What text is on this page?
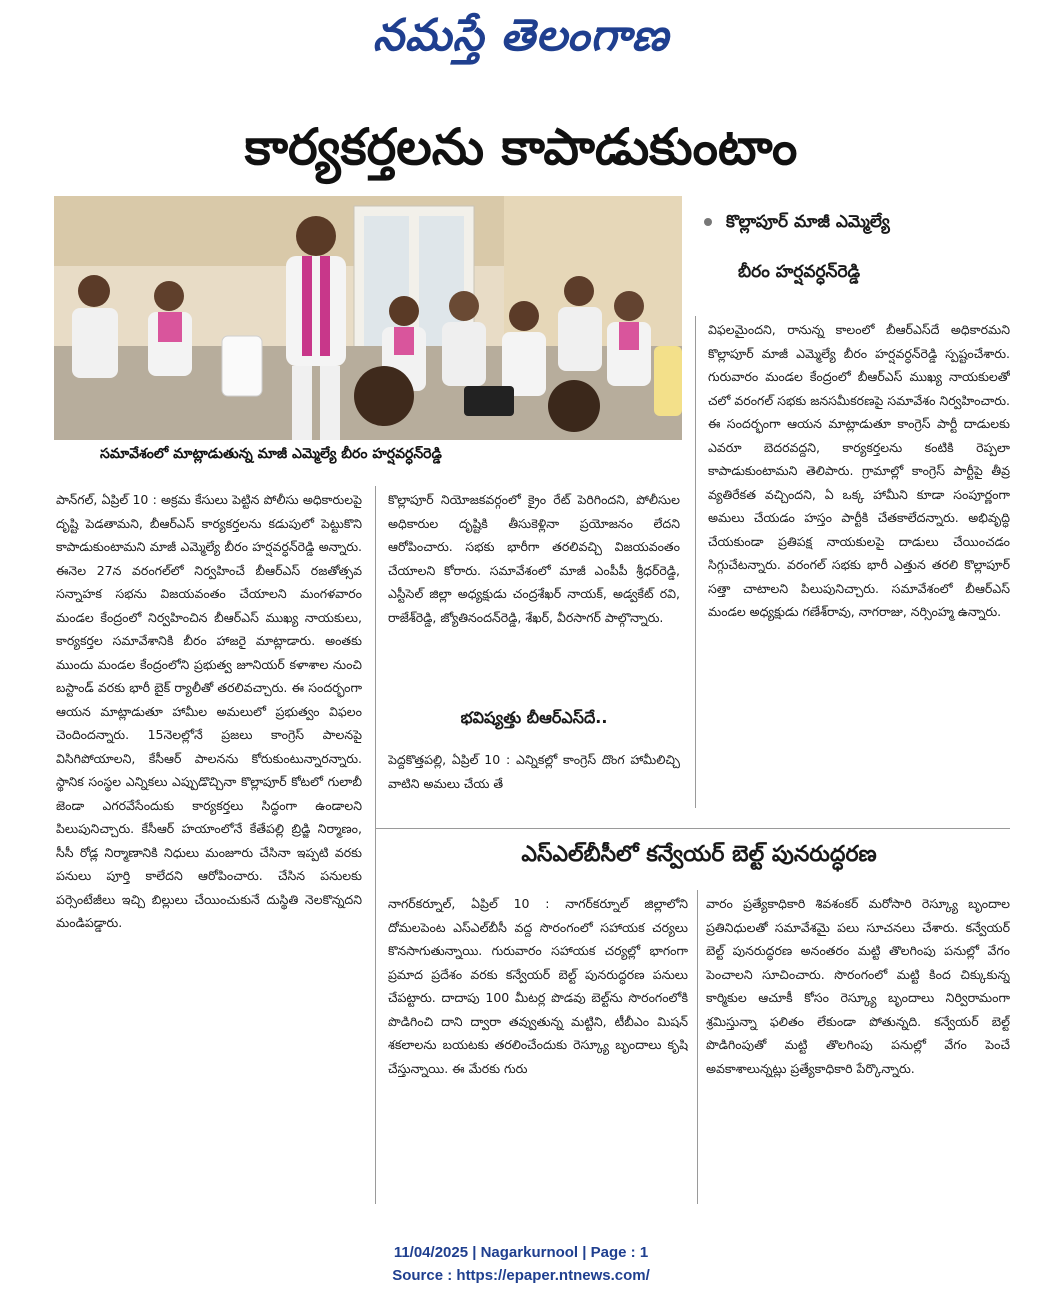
నమస్తే తెలంగాణ
కార్యకర్తలను కాపాడుకుంటాం
సమావేశంలో మాట్లాడుతున్న మాజీ ఎమ్మెల్యే బీరం హర్షవర్ధన్‌రెడ్డి
కొల్లాపూర్ మాజీ ఎమ్మెల్యే
బీరం హర్షవర్ధన్‌రెడ్డి

పాన్‌గల్, ఏప్రిల్ 10 : అక్రమ కేసులు పెట్టిన పోలీసు అధికారులపై దృష్టి పెడతామని, బీఆర్‌ఎస్ కార్యకర్తలను కడుపులో పెట్టుకొని కాపాడుకుంటామని మాజీ ఎమ్మెల్యే బీరం హర్షవర్ధన్‌రెడ్డి అన్నారు. ఈనెల 27న వరంగల్‌లో నిర్వహించే బీఆర్‌ఎస్ రజతోత్సవ సన్నాహక సభను విజయవంతం చేయాలని మంగళవారం మండల కేంద్రంలో నిర్వహించిన బీఆర్‌ఎస్ ముఖ్య నాయకులు, కార్యకర్తల సమావేశానికి బీరం హాజరై మాట్లాడారు. అంతకు ముందు మండల కేంద్రంలోని ప్రభుత్వ జూనియర్ కళాశాల నుంచి బస్టాండ్ వరకు భారీ బైక్ ర్యాలీతో తరలివచ్చారు. ఈ సందర్భంగా ఆయన మాట్లాడుతూ హామీల అమలులో ప్రభుత్వం విఫలం చెందిందన్నారు. 15నెలల్లోనే ప్రజలు కాంగ్రెస్ పాలనపై విసిగిపోయాలని, కేసీఆర్ పాలనను కోరుకుంటున్నారన్నారు. స్థానిక సంస్థల ఎన్నికలు ఎప్పుడొచ్చినా కొల్లాపూర్ కోటలో గులాబీ జెండా ఎగరవేసేందుకు కార్యకర్తలు సిద్ధంగా ఉండాలని పిలుపునిచ్చారు. కేసీఆర్ హయాంలోనే కేతేపల్లి బ్రిడ్జి నిర్మాణం, సీసీ రోడ్ల నిర్మాణానికి నిధులు మంజూరు చేసినా ఇప్పటి వరకు పనులు పూర్తి కాలేదని ఆరోపించారు. చేసిన పనులకు పర్సెంటేజీలు ఇచ్చి బిల్లులు చేయించుకునే దుస్థితి నెలకొన్నదని మండిపడ్డారు.

కొల్లాపూర్ నియోజకవర్గంలో క్రైం రేట్ పెరిగిందని, పోలీసుల అధికారుల దృష్టికి తీసుకెళ్లినా ప్రయోజనం లేదని ఆరోపించారు. సభకు భారీగా తరలివచ్చి విజయవంతం చేయాలని కోరారు. సమావేశంలో మాజీ ఎంపీపీ శ్రీధర్‌రెడ్డి, ఎస్టీసెల్ జిల్లా అధ్యక్షుడు చంద్రశేఖర్ నాయక్, అడ్వకేట్ రవి, రాజేశ్‌రెడ్డి, జ్యోతినందన్‌రెడ్డి, శేఖర్, వీరసాగర్ పాల్గొన్నారు.

భవిష్యత్తు బీఆర్‌ఎస్‌దే..

పెద్దకొత్తపల్లి, ఏప్రిల్ 10 : ఎన్నికల్లో కాంగ్రెస్ దొంగ హామీలిచ్చి వాటిని అమలు చేయ తే

విఫలమైందని, రానున్న కాలంలో బీఆర్‌ఎస్‌దే అధికారమని కొల్లాపూర్ మాజీ ఎమ్మెల్యే బీరం హర్షవర్ధన్‌రెడ్డి స్పష్టంచేశారు. గురువారం మండల కేంద్రంలో బీఆర్‌ఎస్ ముఖ్య నాయకులతో చలో వరంగల్ సభకు జనసమీకరణపై సమావేశం నిర్వహించారు. ఈ సందర్భంగా ఆయన మాట్లాడుతూ కాంగ్రెస్ పార్టీ దాడులకు ఎవరూ బెదరవద్దని, కార్యకర్తలను కంటికి రెప్పలా కాపాడుకుంటామని తెలిపారు. గ్రామాల్లో కాంగ్రెస్ పార్టీపై తీవ్ర వ్యతిరేకత వచ్చిందని, ఏ ఒక్క హామీని కూడా సంపూర్ణంగా అమలు చేయడం హస్తం పార్టీకి చేతకాలేదన్నారు. అభివృద్ధి చేయకుండా ప్రతిపక్ష నాయకులపై దాడులు చేయించడం సిగ్గుచేటన్నారు. వరంగల్ సభకు భారీ ఎత్తున తరలి కొల్లాపూర్ సత్తా చాటాలని పిలుపునిచ్చారు. సమావేశంలో బీఆర్‌ఎస్ మండల అధ్యక్షుడు గణేశ్‌రావు, నాగరాజు, నర్సింహ్మ ఉన్నారు.

ఎస్‌ఎల్‌బీసీలో కన్వేయర్ బెల్ట్ పునరుద్ధరణ

నాగర్‌కర్నూల్, ఏప్రిల్ 10 : నాగర్‌కర్నూల్ జిల్లాలోని దోమలపెంట ఎస్‌ఎల్‌బీసీ వద్ద సొరంగంలో సహాయక చర్యలు కొనసాగుతున్నాయి. గురువారం సహాయక చర్యల్లో భాగంగా ప్రమాద ప్రదేశం వరకు కన్వేయర్ బెల్ట్ పునరుద్ధరణ పనులు చేపట్టారు. దాదాపు 100 మీటర్ల పొడవు బెల్ట్‌ను సొరంగంలోకి పొడిగించి దాని ద్వారా తవ్వుతున్న మట్టిని, టీబీఎం మిషన్ శకలాలను బయటకు తరలించేందుకు రెస్క్యూ బృందాలు కృషి చేస్తున్నాయి. ఈ మేరకు గురు

వారం ప్రత్యేకాధికారి శివశంకర్ మరోసారి రెస్క్యూ బృందాల ప్రతినిధులతో సమావేశమై పలు సూచనలు చేశారు. కన్వేయర్ బెల్ట్ పునరుద్ధరణ అనంతరం మట్టి తొలగింపు పనుల్లో వేగం పెంచాలని సూచించారు. సొరంగంలో మట్టి కింద చిక్కుకున్న కార్మికుల ఆచూకీ కోసం రెస్క్యూ బృందాలు నిర్విరామంగా శ్రమిస్తున్నా ఫలితం లేకుండా పోతున్నది. కన్వేయర్ బెల్ట్ పొడిగింపుతో మట్టి తొలగింపు పనుల్లో వేగం పెంచే అవకాశాలున్నట్లు ప్రత్యేకాధికారి పేర్కొన్నారు.

11/04/2025 | Nagarkurnool | Page : 1
Source : https://epaper.ntnews.com/
